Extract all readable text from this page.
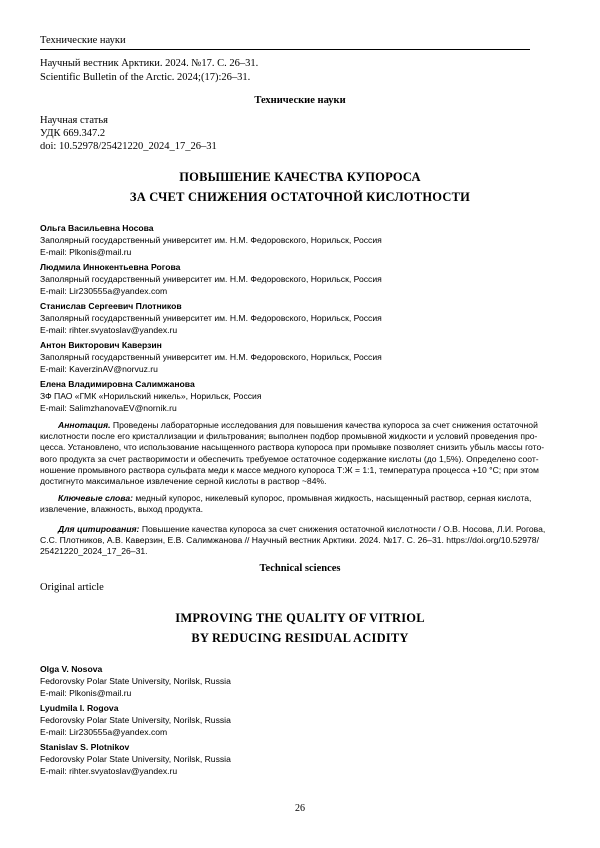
Технические науки
Научный вестник Арктики. 2024. №17. С. 26–31.
Scientific Bulletin of the Arctic. 2024;(17):26–31.
Технические науки
Научная статья
УДК 669.347.2
doi: 10.52978/25421220_2024_17_26–31
ПОВЫШЕНИЕ КАЧЕСТВА КУПОРОСА
ЗА СЧЕТ СНИЖЕНИЯ ОСТАТОЧНОЙ КИСЛОТНОСТИ
Ольга Васильевна Носова
Заполярный государственный университет им. Н.М. Федоровского, Норильск, Россия
E-mail: Plkonis@mail.ru
Людмила Иннокентьевна Рогова
Заполярный государственный университет им. Н.М. Федоровского, Норильск, Россия
E-mail: Lir230555a@yandex.com
Станислав Сергеевич Плотников
Заполярный государственный университет им. Н.М. Федоровского, Норильск, Россия
E-mail: rihter.svyatoslav@yandex.ru
Антон Викторович Каверзин
Заполярный государственный университет им. Н.М. Федоровского, Норильск, Россия
E-mail: KaverzinAV@norvuz.ru
Елена Владимировна Салимжанова
ЗФ ПАО «ГМК «Норильский никель», Норильск, Россия
E-mail: SalimzhanovaEV@nornik.ru
Аннотация. Проведены лабораторные исследования для повышения качества купороса за счет снижения остаточной
кислотности после его кристаллизации и фильтрования; выполнен подбор промывной жидкости и условий проведения про-
цесса. Установлено, что использование насыщенного раствора купороса при промывке позволяет снизить убыль массы гото-
вого продукта за счет растворимости и обеспечить требуемое остаточное содержание кислоты (до 1,5%). Определено соот-
ношение промывного раствора сульфата меди к массе медного купороса Т:Ж = 1:1, температура процесса +10 °С; при этом
достигнуто максимальное извлечение серной кислоты в раствор ~84%.
Ключевые слова: медный купорос, никелевый купорос, промывная жидкость, насыщенный раствор, серная кислота,
извлечение, влажность, выход продукта.
Для цитирования: Повышение качества купороса за счет снижения остаточной кислотности / О.В. Носова, Л.И. Рогова,
С.С. Плотников, А.В. Каверзин, Е.В. Салимжанова // Научный вестник Арктики. 2024. №17. С. 26–31. https://doi.org/10.52978/
25421220_2024_17_26–31.
Technical sciences
Original article
IMPROVING THE QUALITY OF VITRIOL
BY REDUCING RESIDUAL ACIDITY
Olga V. Nosova
Fedorovsky Polar State University, Norilsk, Russia
E-mail: Plkonis@mail.ru
Lyudmila I. Rogova
Fedorovsky Polar State University, Norilsk, Russia
E-mail: Lir230555a@yandex.com
Stanislav S. Plotnikov
Fedorovsky Polar State University, Norilsk, Russia
E-mail: rihter.svyatoslav@yandex.ru
26
